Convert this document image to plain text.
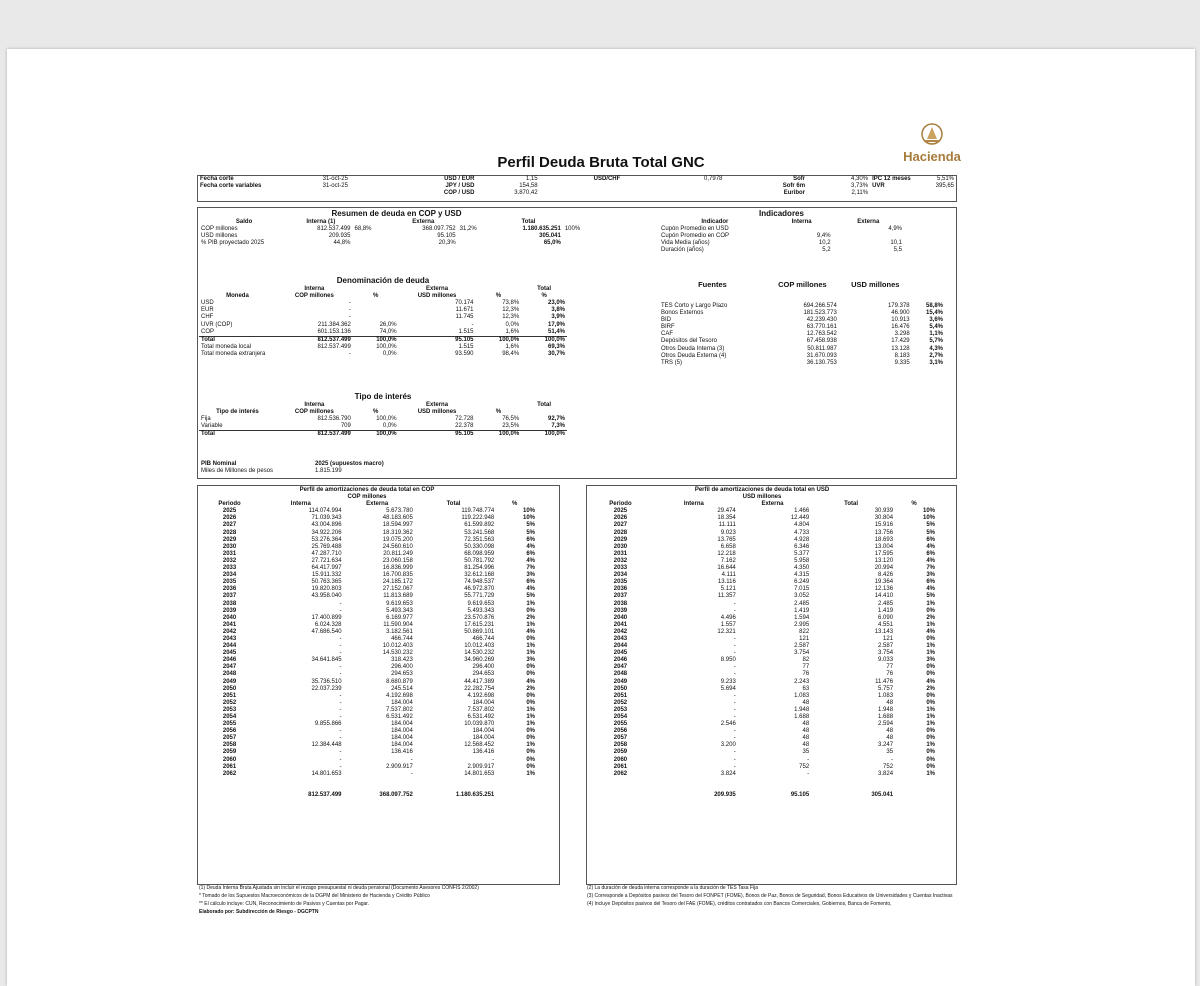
Hacienda
Perfil Deuda Bruta Total GNC
Fecha corte	31-oct-25	USD / EUR	1,15	USD/CHF	0,7978	Sofr	4,30%	IPC 12 meses	5,51%
Fecha corte variables	31-oct-25	JPY / USD	154,58			Sofr 6m	3,73%	UVR	395,65
		COP / USD	3.870,42			Euribor	2,11%		
Resumen de deuda en COP y USD
Saldo	Interna (1)		Externa		Total	
COP millones	812.537.499	68,8%	368.097.752	31,2%	1.180.635.251	100%
USD millones	209.935		95.105		305.041	
% PIB proyectado 2025	44,8%		20,3%		65,0%	
Indicadores
Indicador	Interna	Externa
Cupón Promedio en USD		4,9%
Cupón Promedio en COP	9,4%	
Vida Media (años)	10,2	10,1
Duración (años)	5,2	5,5
Denominación de deuda
	Interna		Externa		Total
Moneda	COP millones	%	USD millones	%	%
USD	-		70.174	73,8%	23,0%
EUR	-		11.671	12,3%	3,8%
CHF	-		11.745	12,3%	3,9%
UVR (COP)	211.384.362	26,0%	-	0,0%	17,9%
COP	601.153.136	74,0%	1.515	1,6%	51,4%
Total	812.537.499	100,0%	95.105	100,0%	100,0%

Total moneda local	812.537.499	100,0%	1.515	1,6%	69,3%
Total moneda extranjera	-	0,0%	93.590	98,4%	30,7%
Fuentes	COP millones	USD millones	

TES Corto y Largo Plazo	694.266.574	179.378	58,8%
Bonos Externos	181.523.773	46.900	15,4%
BID	42.239.430	10.913	3,6%
BIRF	63.770.161	16.476	5,4%
CAF	12.763.542	3.298	1,1%
Depósitos del Tesoro	67.458.938	17.429	5,7%
Otros Deuda Interna (3)	50.811.987	13.128	4,3%
Otros Deuda Externa (4)	31.670.093	8.183	2,7%
TRS (5)	36.130.753	9.335	3,1%
Tipo de interés
	Interna		Externa		Total
Tipo de interés	COP millones	%	USD millones	%	
Fija	812.536.790	100,0%	72.728	76,5%	92,7%
Variable	709	0,0%	22.378	23,5%	7,3%
Total	812.537.499	100,0%	95.105	100,0%	100,0%
PIB Nominal	2025 (supuestos macro)
Miles de Millones de pesos	1.815.199
Perfil de amortizaciones de deuda total en COP
COP millones
Periodo	Interna	Externa	Total	%
2025	114.074.994	5.673.780	119.748.774	10%
2026	71.039.343	48.183.605	119.222.948	10%
2027	43.004.896	18.594.997	61.599.892	5%
2028	34.922.206	18.319.362	53.241.568	5%
2029	53.276.364	19.075.200	72.351.563	6%
2030	25.769.488	24.560.610	50.330.098	4%
2031	47.287.710	20.811.249	68.098.959	6%
2032	27.721.634	23.060.158	50.781.792	4%
2033	64.417.997	16.836.999	81.254.996	7%
2034	15.911.332	16.700.835	32.612.168	3%
2035	50.763.365	24.185.172	74.948.537	6%
2036	19.820.803	27.152.067	46.972.870	4%
2037	43.958.040	11.813.689	55.771.729	5%
2038	-	9.619.653	9.619.653	1%
2039	-	5.493.343	5.493.343	0%
2040	17.400.899	6.169.977	23.570.876	2%
2041	6.024.328	11.590.904	17.615.231	1%
2042	47.686.540	3.182.561	50.869.101	4%
2043	-	466.744	466.744	0%
2044	-	10.012.403	10.012.403	1%
2045	-	14.530.232	14.530.232	1%
2046	34.641.845	318.423	34.960.269	3%
2047	-	296.400	296.400	0%
2048	-	294.653	294.653	0%
2049	35.736.510	8.680.879	44.417.389	4%
2050	22.037.239	245.514	22.282.754	2%
2051	-	4.192.698	4.192.698	0%
2052	-	184.004	184.004	0%
2053	-	7.537.802	7.537.802	1%
2054	-	6.531.492	6.531.492	1%
2055	9.855.866	184.004	10.039.870	1%
2056	-	184.004	184.004	0%
2057	-	184.004	184.004	0%
2058	12.384.448	184.004	12.568.452	1%
2059	-	136.416	136.416	0%
2060	-	-	-	0%
2061	-	2.909.917	2.909.917	0%
2062	14.801.653	-	14.801.653	1%

	812.537.499	368.097.752	1.180.635.251	
Perfil de amortizaciones de deuda total en USD
USD millones
Periodo	Interna	Externa	Total	%
2025	29.474	1.466	30.939	10%
2026	18.354	12.449	30.804	10%
2027	11.111	4.804	15.916	5%
2028	9.023	4.733	13.756	5%
2029	13.765	4.928	18.693	6%
2030	6.658	6.346	13.004	4%
2031	12.218	5.377	17.595	6%
2032	7.162	5.958	13.120	4%
2033	16.644	4.350	20.994	7%
2034	4.111	4.315	8.426	3%
2035	13.116	6.249	19.364	6%
2036	5.121	7.015	12.136	4%
2037	11.357	3.052	14.410	5%
2038	-	2.485	2.485	1%
2039	-	1.419	1.419	0%
2040	4.496	1.594	6.090	2%
2041	1.557	2.995	4.551	1%
2042	12.321	822	13.143	4%
2043	-	121	121	0%
2044	-	2.587	2.587	1%
2045	-	3.754	3.754	1%
2046	8.950	82	9.033	3%
2047	-	77	77	0%
2048	-	76	76	0%
2049	9.233	2.243	11.476	4%
2050	5.694	63	5.757	2%
2051	-	1.083	1.083	0%
2052	-	48	48	0%
2053	-	1.948	1.948	1%
2054	-	1.688	1.688	1%
2055	2.546	48	2.594	1%
2056	-	48	48	0%
2057	-	48	48	0%
2058	3.200	48	3.247	1%
2059	-	35	35	0%
2060	-	-	-	0%
2061	-	752	752	0%
2062	3.824	-	3.824	1%

	209.935	95.105	305.041	
(1) Deuda Interna Bruta Ajustada sin incluir el rezago presupuestal ni deuda pensional (Documento Asesores CONFIS 2/2002)
* Tomado de los Supuestos Macroeconómicos de la DGPM del Ministerio de Hacienda y Crédito Público
** El cálculo incluye: CUN, Reconocimiento de Pasivos y Cuentas por Pagar.
Elaborado por: Subdirección de Riesgo - DGCPTN
(2) La duración de deuda interna corresponde a la duración de TES Tasa Fija
(3) Corresponde a Depósitos pasivos del Tesoro del FONPET (FOME), Bonos de Paz, Bonos de Seguridad, Bonos Educativos de Universidades y Cuentas Inactivas
(4) Incluye Depósitos pasivos del Tesoro del FAE (FOME), créditos contratados con Bancos Comerciales, Gobiernos, Banca de Fomento,
